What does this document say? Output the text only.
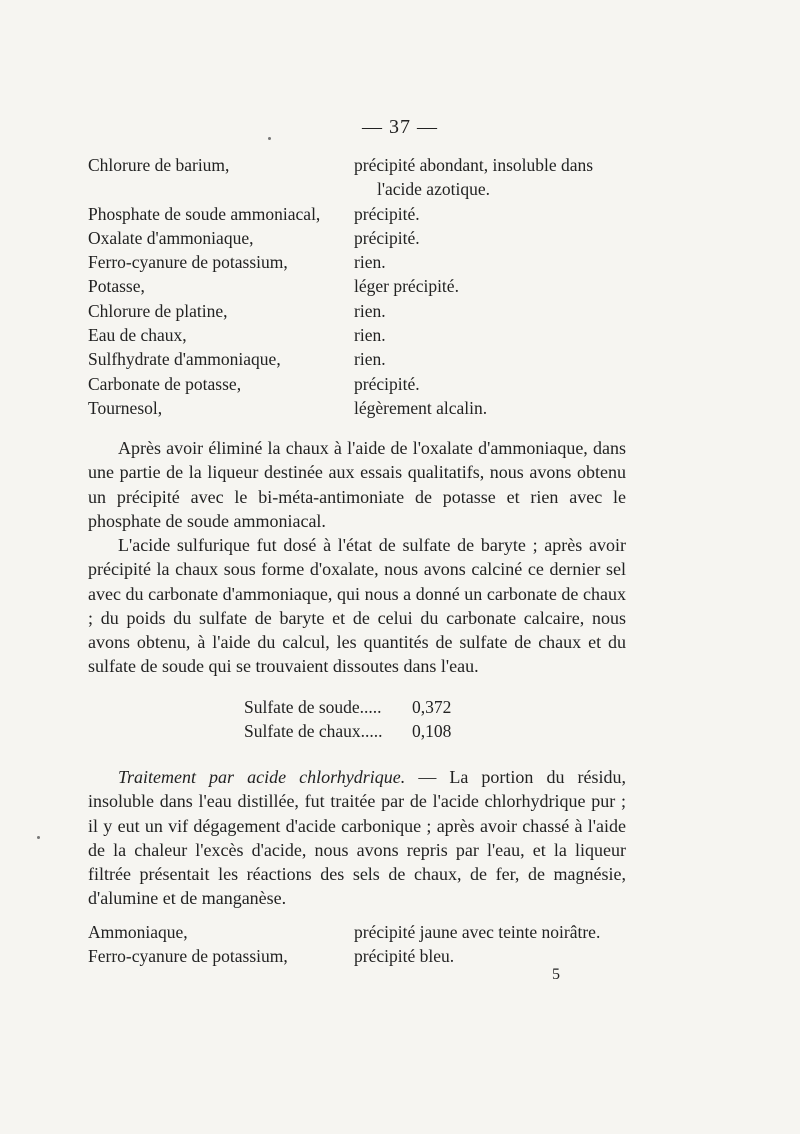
— 37 —
Chlorure de barium,	précipité abondant, insoluble dans
l'acide azotique.
Phosphate de soude ammoniacal, précipité.
Oxalate d'ammoniaque,	précipité.
Ferro-cyanure de potassium,	rien.
Potasse,	léger précipité.
Chlorure de platine,	rien.
Eau de chaux,	rien.
Sulfhydrate d'ammoniaque,	rien.
Carbonate de potasse,	précipité.
Tournesol,	légèrement alcalin.

Après avoir éliminé la chaux à l'aide de l'oxalate d'ammoniaque, dans une partie de la liqueur destinée aux essais qualitatifs, nous avons obtenu un précipité avec le bi-méta-antimoniate de potasse et rien avec le phosphate de soude ammoniacal.

L'acide sulfurique fut dosé à l'état de sulfate de baryte ; après avoir précipité la chaux sous forme d'oxalate, nous avons calciné ce dernier sel avec du carbonate d'ammoniaque, qui nous a donné un carbonate de chaux ; du poids du sulfate de baryte et de celui du carbonate calcaire, nous avons obtenu, à l'aide du calcul, les quantités de sulfate de chaux et du sulfate de soude qui se trouvaient dissoutes dans l'eau.

Sulfate de soude..... 0,372
Sulfate de chaux..... 0,108

Traitement par acide chlorhydrique. — La portion du résidu, insoluble dans l'eau distillée, fut traitée par de l'acide chlorhydrique pur ; il y eut un vif dégagement d'acide carbonique ; après avoir chassé à l'aide de la chaleur l'excès d'acide, nous avons repris par l'eau, et la liqueur filtrée présentait les réactions des sels de chaux, de fer, de magnésie, d'alumine et de manganèse.

Ammoniaque,	précipité jaune avec teinte noirâtre.
Ferro-cyanure de potassium,	précipité bleu.
5
